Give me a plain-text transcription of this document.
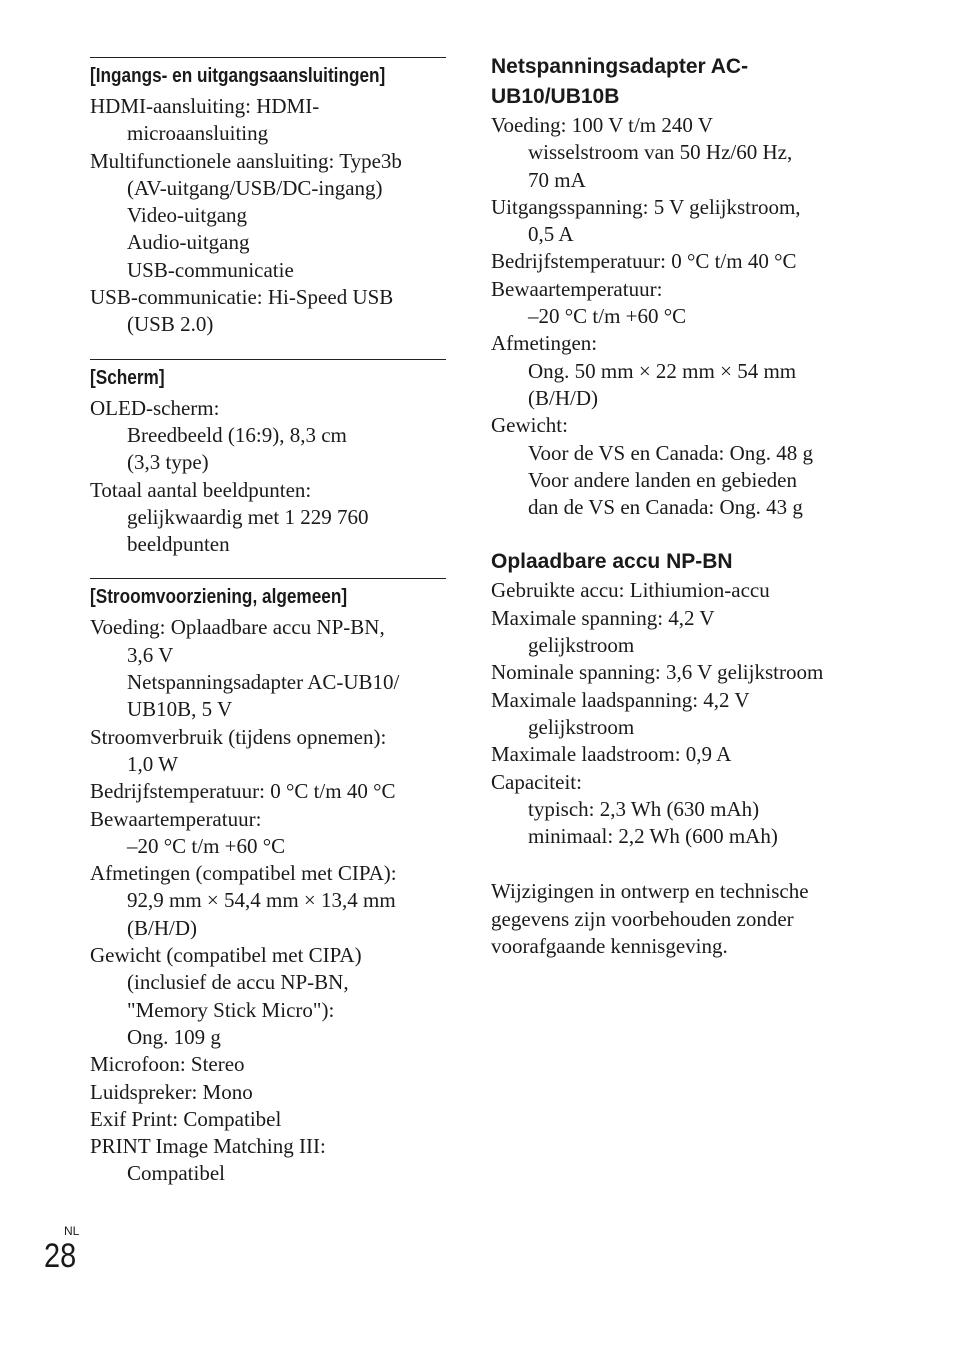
[Ingangs- en uitgangsaansluitingen]
HDMI-aansluiting: HDMI-
microaansluiting
Multifunctionele aansluiting: Type3b
(AV-uitgang/USB/DC-ingang)
Video-uitgang
Audio-uitgang
USB-communicatie
USB-communicatie: Hi-Speed USB
(USB 2.0)
[Scherm]
OLED-scherm:
Breedbeeld (16:9), 8,3 cm
(3,3 type)
Totaal aantal beeldpunten:
gelijkwaardig met 1 229 760
beeldpunten
[Stroomvoorziening, algemeen]
Voeding: Oplaadbare accu NP-BN,
3,6 V
Netspanningsadapter AC-UB10/
UB10B, 5 V
Stroomverbruik (tijdens opnemen):
1,0 W
Bedrijfstemperatuur: 0 °C t/m 40 °C
Bewaartemperatuur:
–20 °C t/m +60 °C
Afmetingen (compatibel met CIPA):
92,9 mm × 54,4 mm × 13,4 mm
(B/H/D)
Gewicht (compatibel met CIPA)
(inclusief de accu NP-BN,
"Memory Stick Micro"):
Ong. 109 g
Microfoon: Stereo
Luidspreker: Mono
Exif Print: Compatibel
PRINT Image Matching III:
Compatibel
Netspanningsadapter AC-
UB10/UB10B
Voeding: 100 V t/m 240 V
wisselstroom van 50 Hz/60 Hz,
70 mA
Uitgangsspanning: 5 V gelijkstroom,
0,5 A
Bedrijfstemperatuur: 0 °C t/m 40 °C
Bewaartemperatuur:
–20 °C t/m +60 °C
Afmetingen:
Ong. 50 mm × 22 mm × 54 mm
(B/H/D)
Gewicht:
Voor de VS en Canada: Ong. 48 g
Voor andere landen en gebieden
dan de VS en Canada: Ong. 43 g
Oplaadbare accu NP-BN
Gebruikte accu: Lithiumion-accu
Maximale spanning: 4,2 V
gelijkstroom
Nominale spanning: 3,6 V gelijkstroom
Maximale laadspanning: 4,2 V
gelijkstroom
Maximale laadstroom: 0,9 A
Capaciteit:
typisch: 2,3 Wh (630 mAh)
minimaal: 2,2 Wh (600 mAh)
Wijzigingen in ontwerp en technische
gegevens zijn voorbehouden zonder
voorafgaande kennisgeving.
NL
28
